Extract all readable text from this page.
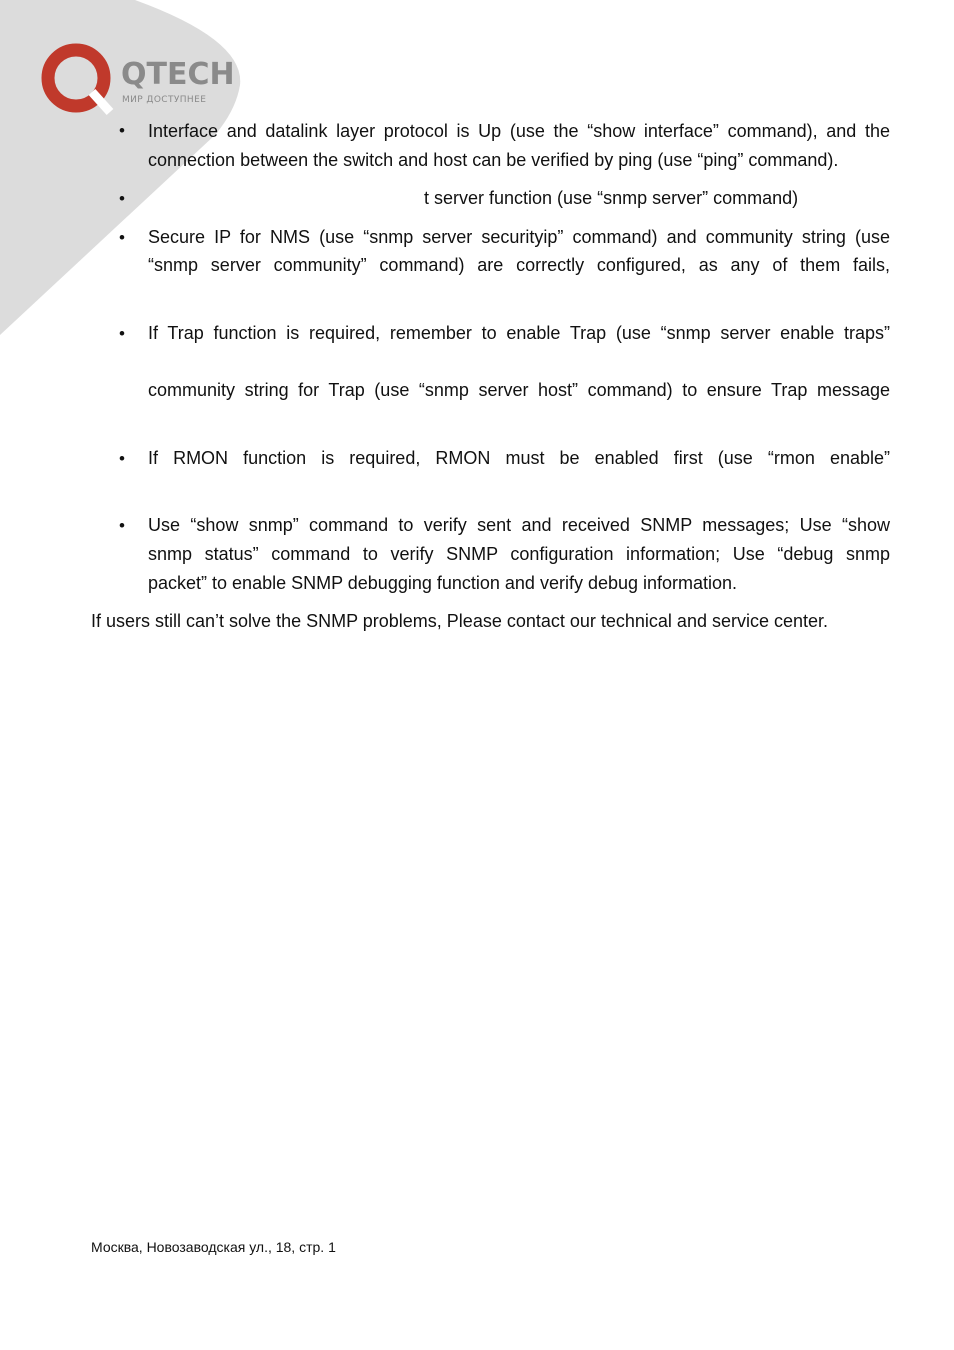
QTECH
МИР ДОСТУПНЕЕ
• Interface and datalink layer protocol is Up (use the “show interface” command), and the
connection between the switch and host can be verified by ping (use “ping” command).
•	t server function (use “snmp server” command)
• Secure IP for NMS (use “snmp server securityip” command) and community string (use
“snmp server community” command) are correctly configured, as any of them fails,
• If Trap function is required, remember to enable Trap (use “snmp server enable traps”
community string for Trap (use “snmp server host” command) to ensure Trap message
• If RMON function is required, RMON must be enabled first (use “rmon enable”
• Use “show snmp” command to verify sent and received SNMP messages; Use “show
snmp status” command to verify SNMP configuration information; Use “debug snmp
packet” to enable SNMP debugging function and verify debug information.
If users still can’t solve the SNMP problems, Please contact our technical and service center.
Москва, Новозаводская ул., 18, стр. 1
